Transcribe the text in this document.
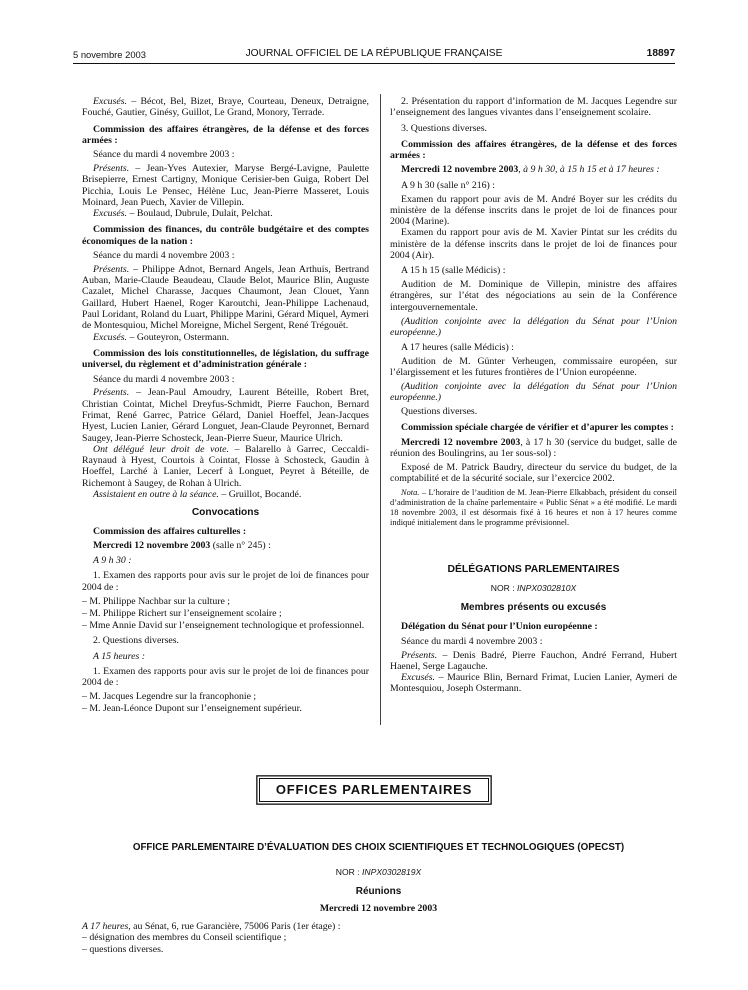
5 novembre 2003	JOURNAL OFFICIEL DE LA RÉPUBLIQUE FRANÇAISE	18897

Excusés. – Bécot, Bel, Bizet, Braye, Courteau, Deneux, Detraigne, Fouché, Gautier, Ginésy, Guillot, Le Grand, Monory, Terrade.

Commission des affaires étrangères, de la défense et des forces armées :

Séance du mardi 4 novembre 2003 :

Présents. – Jean-Yves Autexier, Maryse Bergé-Lavigne, Paulette Brisepierre, Ernest Cartigny, Monique Cerisier-ben Guiga, Robert Del Picchia, Louis Le Pensec, Hélène Luc, Jean-Pierre Masseret, Louis Moinard, Jean Puech, Xavier de Villepin.

Excusés. – Boulaud, Dubrule, Dulait, Pelchat.

Commission des finances, du contrôle budgétaire et des comptes économiques de la nation :

Séance du mardi 4 novembre 2003 :

Présents. – Philippe Adnot, Bernard Angels, Jean Arthuis, Bertrand Auban, Marie-Claude Beaudeau, Claude Belot, Maurice Blin, Auguste Cazalet, Michel Charasse, Jacques Chaumont, Jean Clouet, Yann Gaillard, Hubert Haenel, Roger Karoutchi, Jean-Philippe Lachenaud, Paul Loridant, Roland du Luart, Philippe Marini, Gérard Miquel, Aymeri de Montesquiou, Michel Moreigne, Michel Sergent, René Trégouët.

Excusés. – Gouteyron, Ostermann.

Commission des lois constitutionnelles, de législation, du suffrage universel, du règlement et d’administration générale :

Séance du mardi 4 novembre 2003 :

Présents. – Jean-Paul Amoudry, Laurent Béteille, Robert Bret, Christian Cointat, Michel Dreyfus-Schmidt, Pierre Fauchon, Bernard Frimat, René Garrec, Patrice Gélard, Daniel Hoeffel, Jean-Jacques Hyest, Lucien Lanier, Gérard Longuet, Jean-Claude Peyronnet, Bernard Saugey, Jean-Pierre Schosteck, Jean-Pierre Sueur, Maurice Ulrich.

Ont délégué leur droit de vote. – Balarello à Garrec, Ceccaldi-Raynaud à Hyest, Courtois à Cointat, Flosse à Schosteck, Gaudin à Hoeffel, Larché à Lanier, Lecerf à Longuet, Peyret à Béteille, de Richemont à Saugey, de Rohan à Ulrich.

Assistaient en outre à la séance. – Gruillot, Bocandé.

Convocations

Commission des affaires culturelles :

Mercredi 12 novembre 2003 (salle n° 245) :

A 9 h 30 :

1. Examen des rapports pour avis sur le projet de loi de finances pour 2004 de :

– M. Philippe Nachbar sur la culture ;

– M. Philippe Richert sur l’enseignement scolaire ;

– Mme Annie David sur l’enseignement technologique et professionnel.

2. Questions diverses.

A 15 heures :

1. Examen des rapports pour avis sur le projet de loi de finances pour 2004 de :

– M. Jacques Legendre sur la francophonie ;

– M. Jean-Léonce Dupont sur l’enseignement supérieur.

2. Présentation du rapport d’information de M. Jacques Legendre sur l’enseignement des langues vivantes dans l’enseignement scolaire.

3. Questions diverses.

Commission des affaires étrangères, de la défense et des forces armées :

Mercredi 12 novembre 2003, à 9 h 30, à 15 h 15 et à 17 heures :

A 9 h 30 (salle n° 216) :

Examen du rapport pour avis de M. André Boyer sur les crédits du ministère de la défense inscrits dans le projet de loi de finances pour 2004 (Marine).

Examen du rapport pour avis de M. Xavier Pintat sur les crédits du ministère de la défense inscrits dans le projet de loi de finances pour 2004 (Air).

A 15 h 15 (salle Médicis) :

Audition de M. Dominique de Villepin, ministre des affaires étrangères, sur l’état des négociations au sein de la Conférence intergouvernementale.

(Audition conjointe avec la délégation du Sénat pour l’Union européenne.)

A 17 heures (salle Médicis) :

Audition de M. Günter Verheugen, commissaire européen, sur l’élargissement et les futures frontières de l’Union européenne.

(Audition conjointe avec la délégation du Sénat pour l’Union européenne.)

Questions diverses.

Commission spéciale chargée de vérifier et d’apurer les comptes :

Mercredi 12 novembre 2003, à 17 h 30 (service du budget, salle de réunion des Boulingrins, au 1er sous-sol) :

Exposé de M. Patrick Baudry, directeur du service du budget, de la comptabilité et de la sécurité sociale, sur l’exercice 2002.

Nota. – L’horaire de l’audition de M. Jean-Pierre Elkabbach, président du conseil d’administration de la chaîne parlementaire « Public Sénat » a été modifié. Le mardi 18 novembre 2003, il est désormais fixé à 16 heures et non à 17 heures comme indiqué initialement dans le programme prévisionnel.

DÉLÉGATIONS PARLEMENTAIRES
NOR : INPX0302810X
Membres présents ou excusés

Délégation du Sénat pour l’Union européenne :

Séance du mardi 4 novembre 2003 :

Présents. – Denis Badré, Pierre Fauchon, André Ferrand, Hubert Haenel, Serge Lagauche.

Excusés. – Maurice Blin, Bernard Frimat, Lucien Lanier, Aymeri de Montesquiou, Joseph Ostermann.

OFFICES PARLEMENTAIRES
OFFICE PARLEMENTAIRE D’ÉVALUATION DES CHOIX SCIENTIFIQUES ET TECHNOLOGIQUES (OPECST)
NOR : INPX0302819X
Réunions
Mercredi 12 novembre 2003

A 17 heures, au Sénat, 6, rue Garancière, 75006 Paris (1er étage) :

– désignation des membres du Conseil scientifique ;

– questions diverses.
